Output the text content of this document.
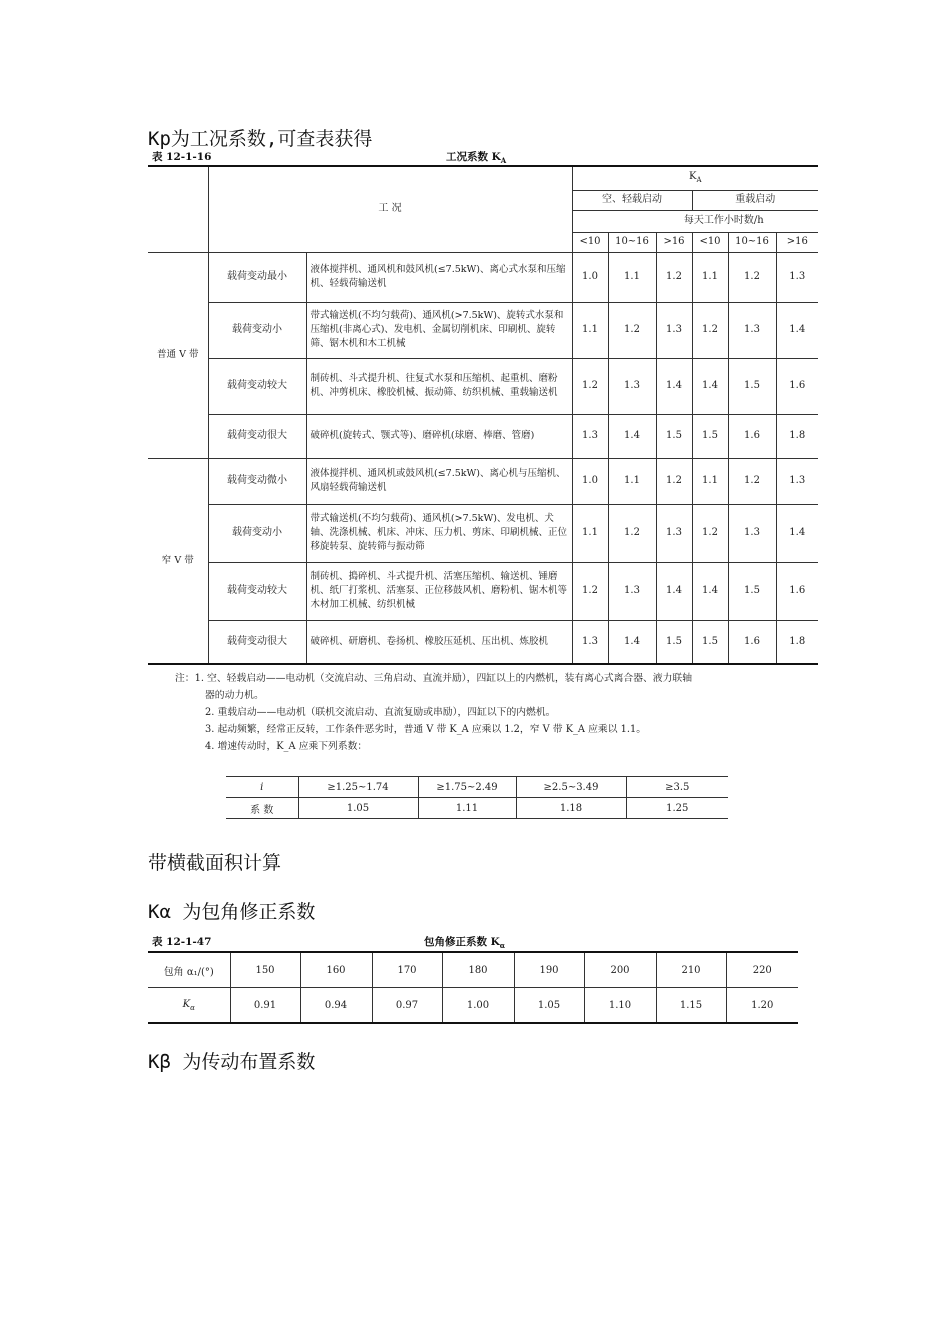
Kp为工况系数,可查表获得
表 12-1-16	工况系数 $K_A$
	工 况		$K_A$
			空、轻载启动			重载启动		
			每天工作小时数/h					
			<10	10~16	>16	<10	10~16	>16
普通 V 带	载荷变动最小	液体搅拌机、通风机和鼓风机(≤7.5kW)、离心式水泵和压缩机、轻载荷输送机	1.0	1.1	1.2	1.1	1.2	1.3
	载荷变动小	带式输送机(不均匀载荷)、通风机(>7.5kW)、旋转式水泵和压缩机(非离心式)、发电机、金属切削机床、印刷机、旋转筛、锯木机和木工机械	1.1	1.2	1.3	1.2	1.3	1.4
	载荷变动较大	制砖机、斗式提升机、往复式水泵和压缩机、起重机、磨粉机、冲剪机床、橡胶机械、振动筛、纺织机械、重载输送机	1.2	1.3	1.4	1.4	1.5	1.6
	载荷变动很大	破碎机(旋转式、颚式等)、磨碎机(球磨、棒磨、管磨)	1.3	1.4	1.5	1.5	1.6	1.8
窄 V 带	载荷变动微小	液体搅拌机、通风机或鼓风机(≤7.5kW)、离心机与压缩机、风扇轻载荷输送机	1.0	1.1	1.2	1.1	1.2	1.3
	载荷变动小	带式输送机(不均匀载荷)、通风机(>7.5kW)、发电机、犬轴、洗涤机械、机床、冲床、压力机、剪床、印刷机械、正位移旋转泵、旋转筛与振动筛	1.1	1.2	1.3	1.2	1.3	1.4
	载荷变动较大	制砖机、搗碎机、斗式提升机、活塞压缩机、输送机、锤磨机、纸厂打浆机、活塞泵、正位移鼓风机、磨粉机、锯木机等木材加工机械、纺织机械	1.2	1.3	1.4	1.4	1.5	1.6
	载荷变动很大	破碎机、研磨机、卷扬机、橡胶压延机、压出机、炼胶机	1.3	1.4	1.5	1.5	1.6	1.8
注：1. 空、轻载启动——电动机（交流启动、三角启动、直流并励），四缸以上的内燃机，装有离心式离合器、液力联轴
器的动力机。
2. 重载启动——电动机（联机交流启动、直流复励或串励），四缸以下的内燃机。
3. 起动频繁，经常正反转，工作条件恶劣时，普通 V 带 K_A 应乘以 1.2，窄 V 带 K_A 应乘以 1.1。
4. 增速传动时，K_A 应乘下列系数：
i	≥1.25~1.74	≥1.75~2.49	≥2.5~3.49	≥3.5
系 数	1.05	1.11	1.18	1.25
带横截面积计算
Kα 为包角修正系数
表 12-1-47	包角修正系数 $K_\alpha$
包角 α₁/(°)	150	160	170	180	190	200	210	220
$K_\alpha$	0.91	0.94	0.97	1.00	1.05	1.10	1.15	1.20
Kβ 为传动布置系数
